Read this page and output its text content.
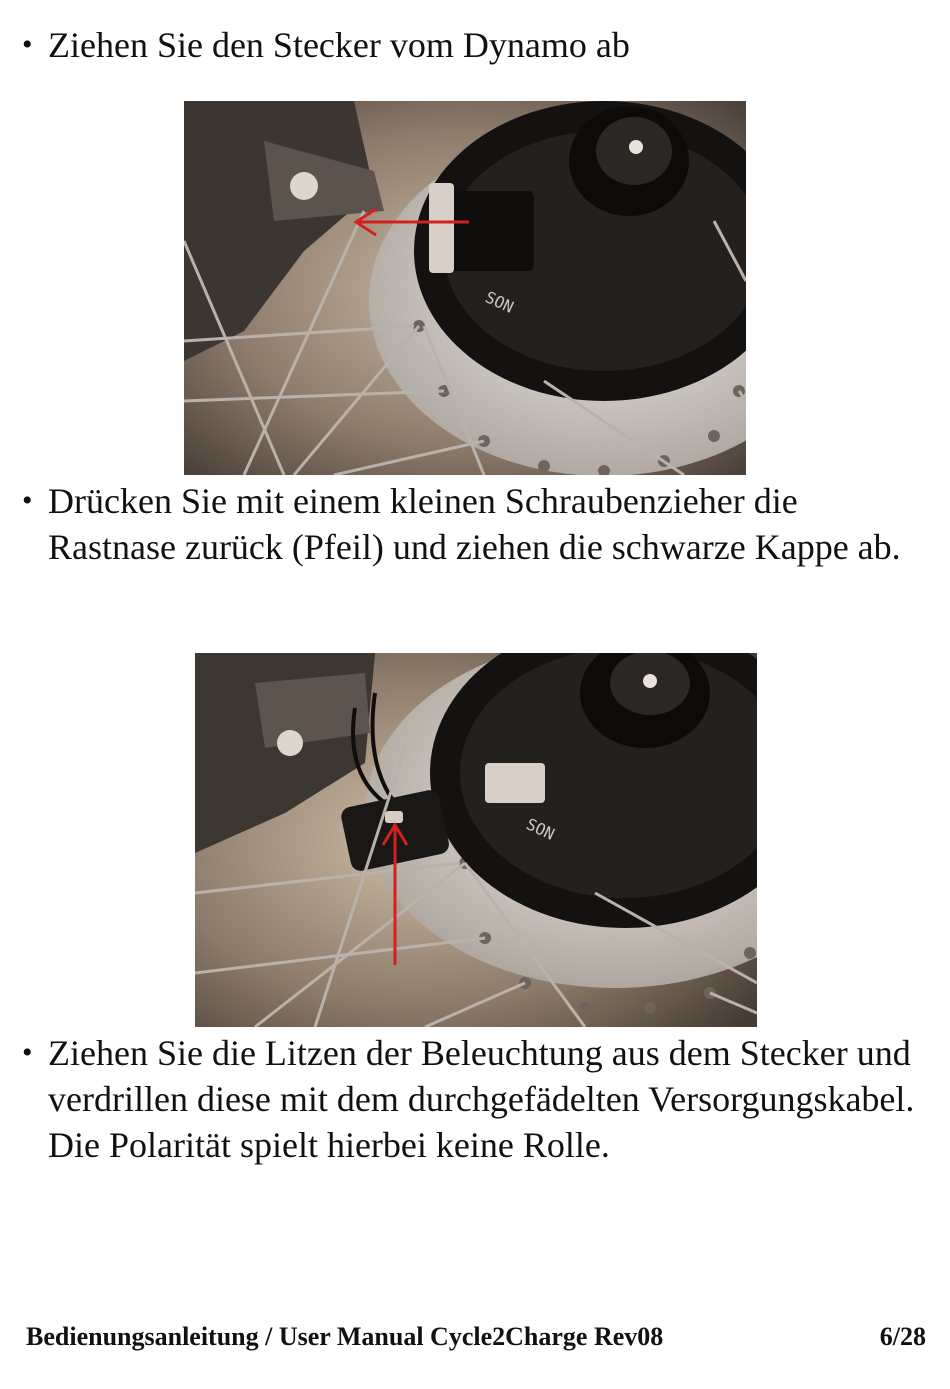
• Ziehen Sie den Stecker vom Dynamo ab
SON
• Drücken Sie mit einem kleinen Schraubenzieher die Rastnase zurück (Pfeil) und ziehen die schwarze Kappe ab.
SON
• Ziehen Sie die Litzen der Beleuchtung aus dem Stecker und verdrillen diese mit dem durchgefädelten Versorgungskabel. Die Polarität spielt hierbei keine Rolle.
Bedienungsanleitung / User Manual Cycle2Charge Rev08	6/28
